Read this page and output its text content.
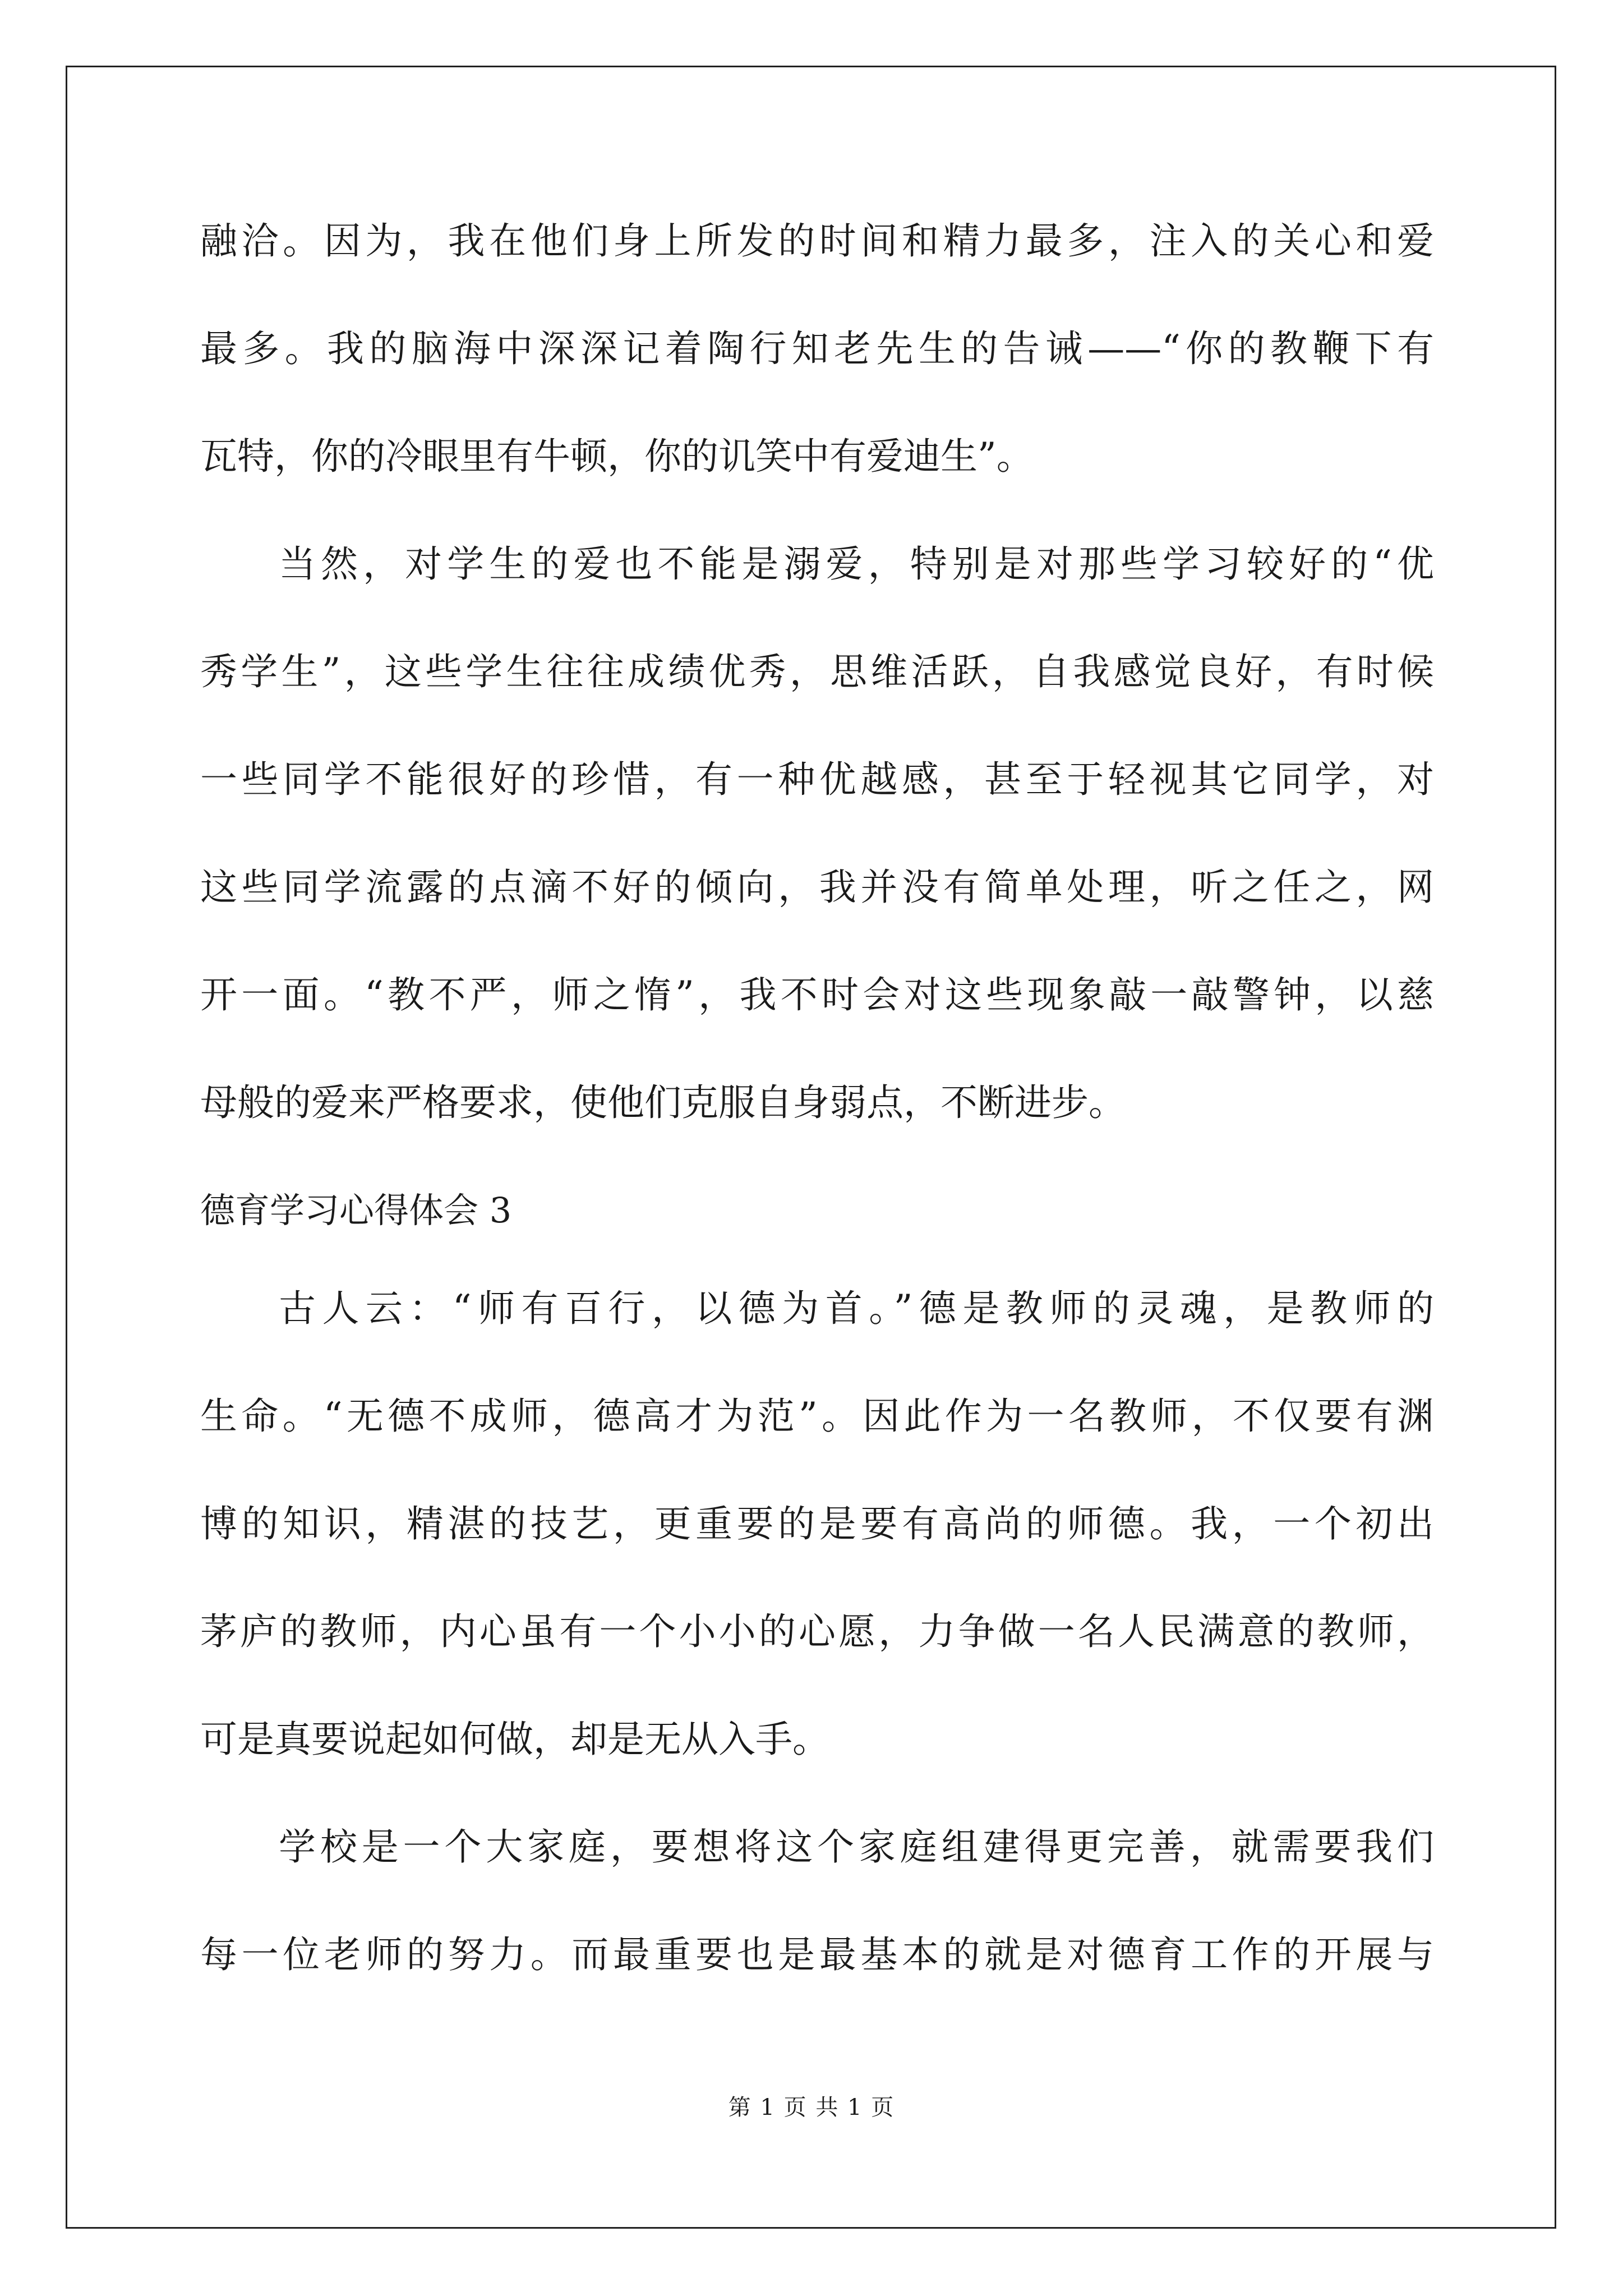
融洽。因为，我在他们身上所发的时间和精力最多，注入的关心和爱
最多。我的脑海中深深记着陶行知老先生的告诫——“你的教鞭下有
瓦特，你的冷眼里有牛顿，你的讥笑中有爱迪生”。
当然，对学生的爱也不能是溺爱，特别是对那些学习较好的“优
秀学生”，这些学生往往成绩优秀，思维活跃，自我感觉良好，有时候
一些同学不能很好的珍惜，有一种优越感，甚至于轻视其它同学，对
这些同学流露的点滴不好的倾向，我并没有简单处理，听之任之，网
开一面。“教不严，师之惰”，我不时会对这些现象敲一敲警钟，以慈
母般的爱来严格要求，使他们克服自身弱点，不断进步。
德育学习心得体会 3
古人云：“师有百行，以德为首。”德是教师的灵魂，是教师的
生命。“无德不成师，德高才为范”。因此作为一名教师，不仅要有渊
博的知识，精湛的技艺，更重要的是要有高尚的师德。我，一个初出
茅庐的教师，内心虽有一个小小的心愿，力争做一名人民满意的教师，
可是真要说起如何做，却是无从入手。
学校是一个大家庭，要想将这个家庭组建得更完善，就需要我们
每一位老师的努力。而最重要也是最基本的就是对德育工作的开展与
第 1 页 共 1 页
